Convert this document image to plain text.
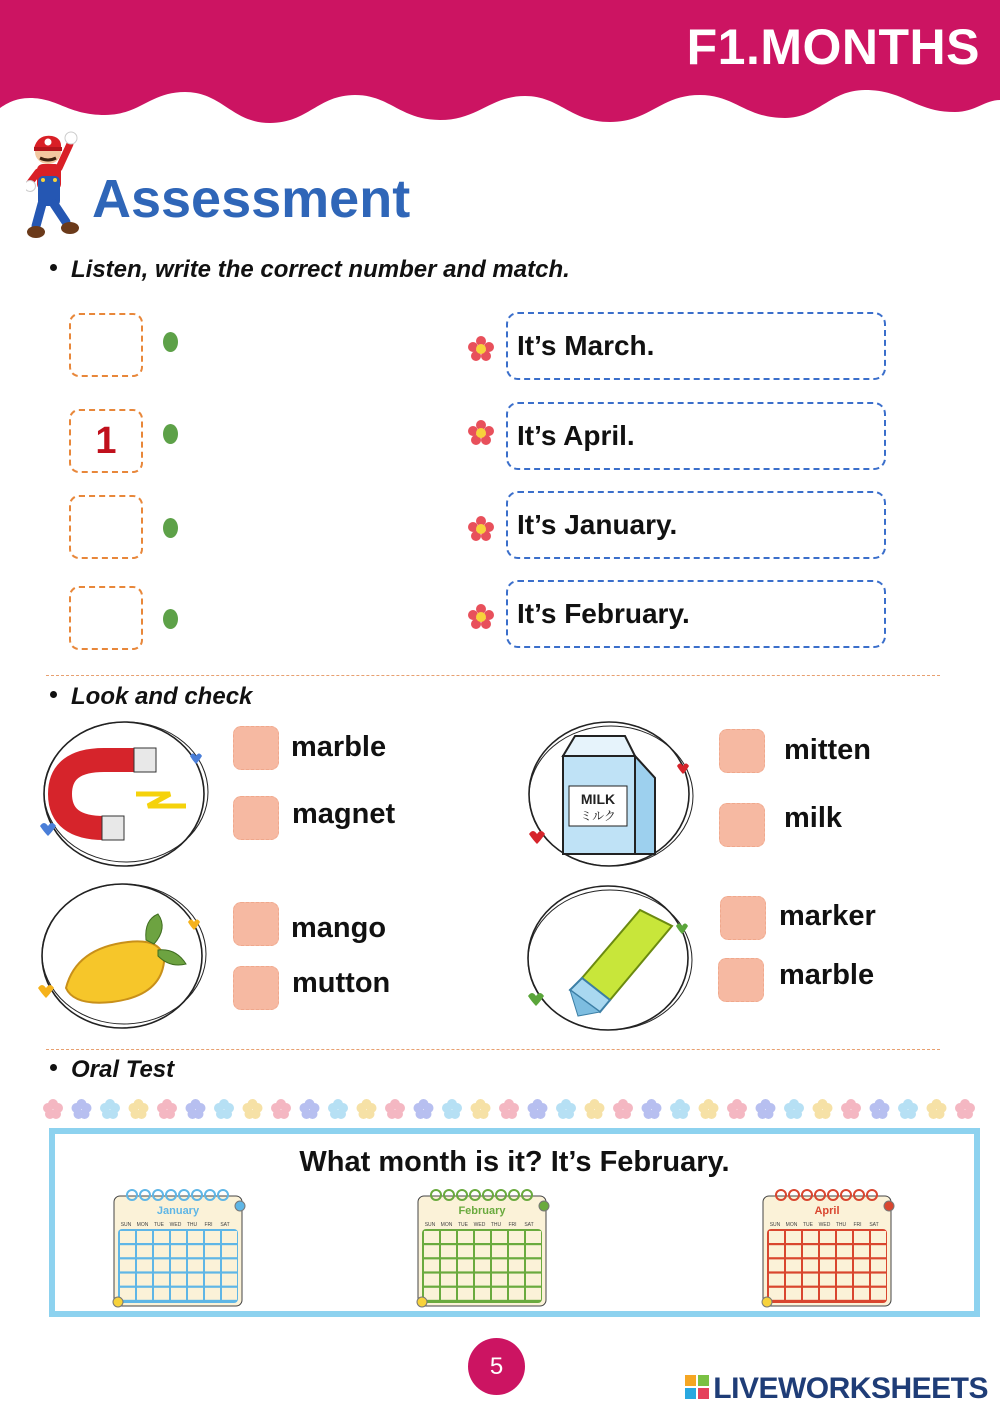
F1.MONTHS
Assessment
Listen, write the correct number and match.
1
It’s March.
It’s April.
It’s January.
It’s February.
Look and check
marble
magnet	MILK
ミルク
mitten
milk
mango
mutton
marker
marble
Oral Test
What month is it? It’s February.
January
SUN MON TUE WED THU FRI SAT
February
SUN MON TUE WED THU FRI SAT
April
SUN MON TUE WED THU FRI SAT
5
LIVEWORKSHEETS
